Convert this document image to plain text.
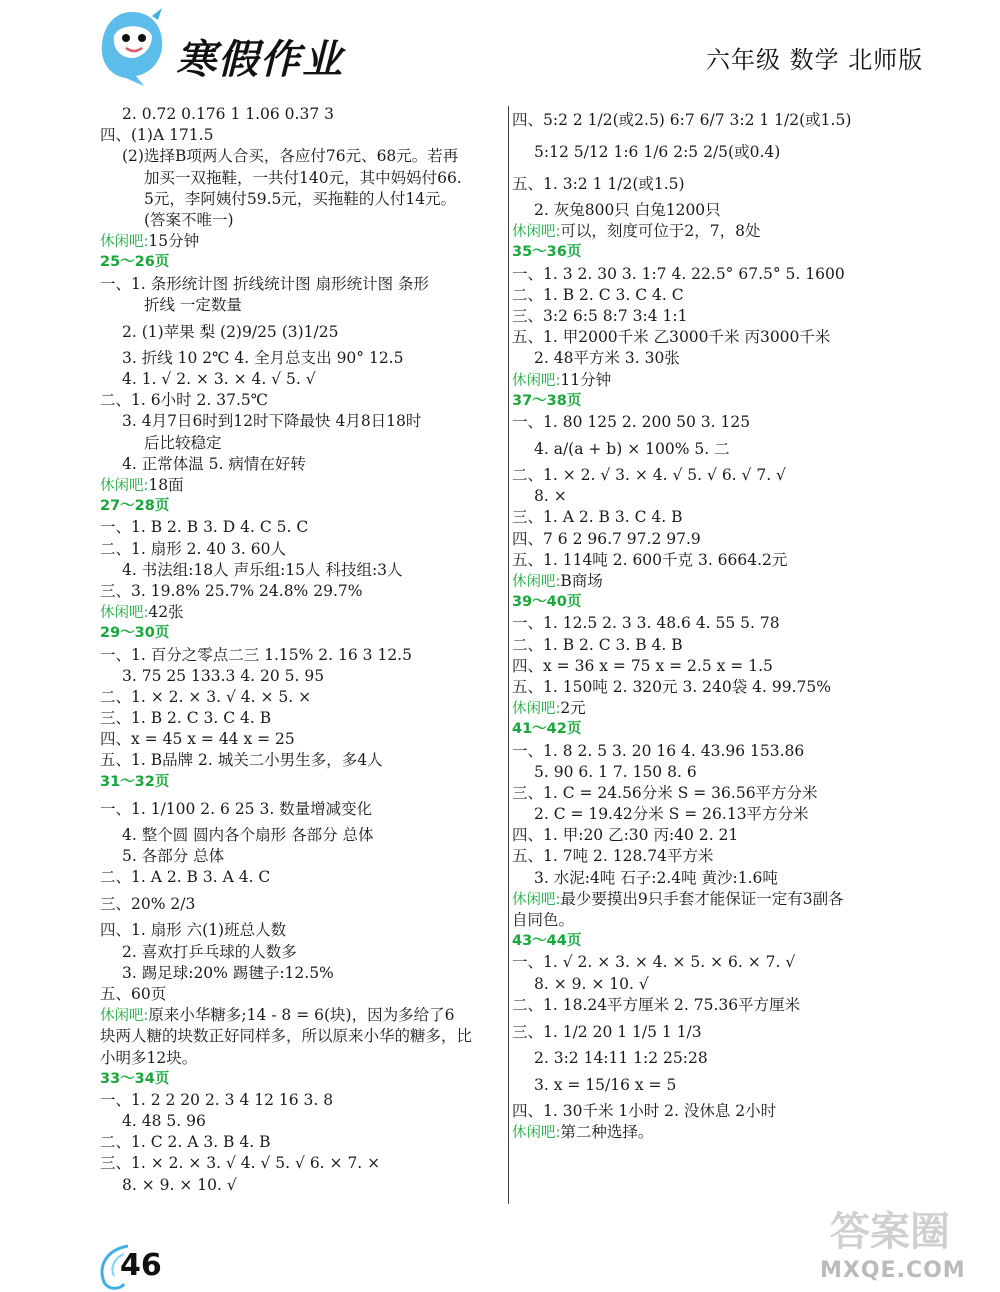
寒假作业	六年级 数学 北师版
2. 0.72 0.176 1 1.06 0.37 3
四、(1)A 171.5
(2)选择B项两人合买，各应付76元、68元。若再
加买一双拖鞋，一共付140元，其中妈妈付66.
5元，李阿姨付59.5元，买拖鞋的人付14元。
(答案不唯一)
休闲吧:15分钟
25～26页
一、1. 条形统计图 折线统计图 扇形统计图 条形
折线 一定数量
2. (1)苹果 梨 (2)9/25 (3)1/25
3. 折线 10 2℃ 4. 全月总支出 90° 12.5
4. 1. √ 2. × 3. × 4. √ 5. √
二、1. 6小时 2. 37.5℃
3. 4月7日6时到12时下降最快 4月8日18时
后比较稳定
4. 正常体温 5. 病情在好转
休闲吧:18面
27～28页
一、1. B 2. B 3. D 4. C 5. C
二、1. 扇形 2. 40 3. 60人
4. 书法组:18人 声乐组:15人 科技组:3人
三、3. 19.8% 25.7% 24.8% 29.7%
休闲吧:42张
29～30页
一、1. 百分之零点二三 1.15% 2. 16 3 12.5
3. 75 25 133.3 4. 20 5. 95
二、1. × 2. × 3. √ 4. × 5. ×
三、1. B 2. C 3. C 4. B
四、x = 45 x = 44 x = 25
五、1. B品牌 2. 城关二小男生多，多4人
31～32页
一、1. 1/100 2. 6 25 3. 数量增减变化
4. 整个圆 圆内各个扇形 各部分 总体
5. 各部分 总体
二、1. A 2. B 3. A 4. C
三、20% 2/3
四、1. 扇形 六(1)班总人数
2. 喜欢打乒乓球的人数多
3. 踢足球:20% 踢毽子:12.5%
五、60页
休闲吧:原来小华糖多;14 - 8 = 6(块)，因为多给了6
块两人糖的块数正好同样多，所以原来小华的糖多，比
小明多12块。
33～34页
一、1. 2 2 20 2. 3 4 12 16 3. 8
4. 48 5. 96
二、1. C 2. A 3. B 4. B
三、1. × 2. × 3. √ 4. √ 5. √ 6. × 7. ×
8. × 9. × 10. √
四、5:2 2 1/2(或2.5) 6:7 6/7 3:2 1 1/2(或1.5)
5:12 5/12 1:6 1/6 2:5 2/5(或0.4)
五、1. 3:2 1 1/2(或1.5)
2. 灰兔800只 白兔1200只
休闲吧:可以，刻度可位于2，7，8处
35～36页
一、1. 3 2. 30 3. 1:7 4. 22.5° 67.5° 5. 1600
二、1. B 2. C 3. C 4. C
三、3:2 6:5 8:7 3:4 1:1
五、1. 甲2000千米 乙3000千米 丙3000千米
2. 48平方米 3. 30张
休闲吧:11分钟
37～38页
一、1. 80 125 2. 200 50 3. 125
4. a/(a + b) × 100% 5. 二
二、1. × 2. √ 3. × 4. √ 5. √ 6. √ 7. √
8. ×
三、1. A 2. B 3. C 4. B
四、7 6 2 96.7 97.2 97.9
五、1. 114吨 2. 600千克 3. 6664.2元
休闲吧:B商场
39～40页
一、1. 12.5 2. 3 3. 48.6 4. 55 5. 78
二、1. B 2. C 3. B 4. B
四、x = 36 x = 75 x = 2.5 x = 1.5
五、1. 150吨 2. 320元 3. 240袋 4. 99.75%
休闲吧:2元
41～42页
一、1. 8 2. 5 3. 20 16 4. 43.96 153.86
5. 90 6. 1 7. 150 8. 6
三、1. C = 24.56分米 S = 36.56平方分米
2. C = 19.42分米 S = 26.13平方分米
四、1. 甲:20 乙:30 丙:40 2. 21
五、1. 7吨 2. 128.74平方米
3. 水泥:4吨 石子:2.4吨 黄沙:1.6吨
休闲吧:最少要摸出9只手套才能保证一定有3副各
自同色。
43～44页
一、1. √ 2. × 3. × 4. × 5. × 6. × 7. √
8. × 9. × 10. √
二、1. 18.24平方厘米 2. 75.36平方厘米
三、1. 1/2 20 1 1/5 1 1/3
2. 3:2 14:11 1:2 25:28
3. x = 15/16 x = 5
四、1. 30千米 1小时 2. 没休息 2小时
休闲吧:第二种选择。
46
答案圈
MXQE.COM
